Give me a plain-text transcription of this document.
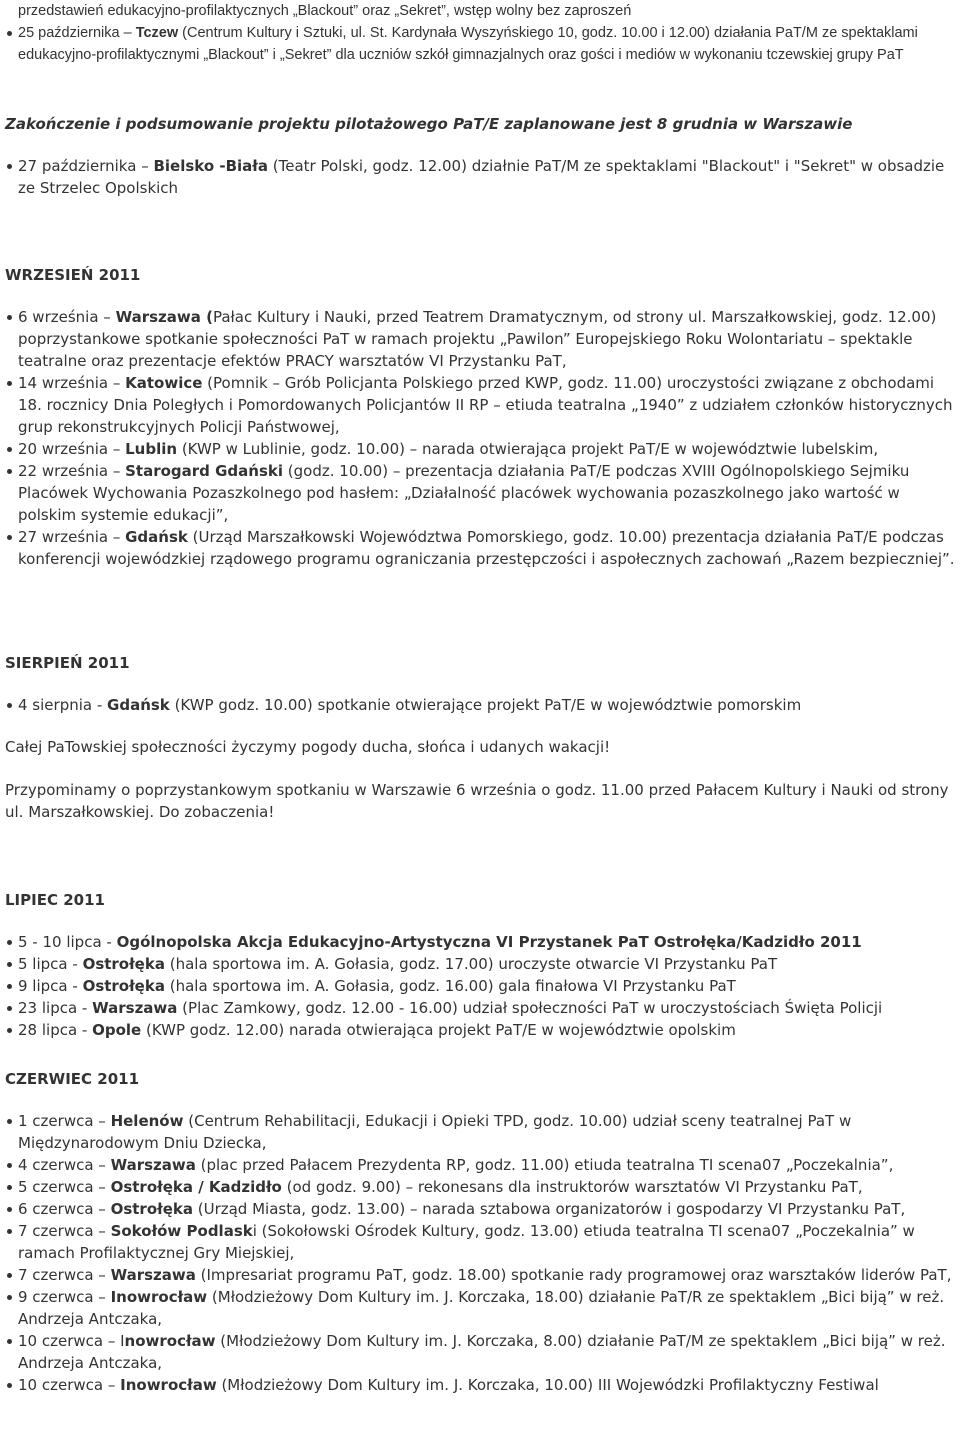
przedstawień edukacyjno-profilaktycznych „Blackout” oraz „Sekret”, wstęp wolny bez zaproszeń

25 października – Tczew (Centrum Kultury i Sztuki, ul. St. Kardynała Wyszyńskiego 10, godz. 10.00 i 12.00) działania PaT/M ze spektaklami edukacyjno-profilaktycznymi „Blackout” i „Sekret” dla uczniów szkół gimnazjalnych oraz gości i mediów w wykonaniu tczewskiej grupy PaT
Zakończenie i podsumowanie projektu pilotażowego PaT/E zaplanowane jest 8 grudnia w Warszawie
27 października – Bielsko -Biała (Teatr Polski, godz. 12.00) działnie PaT/M ze spektaklami "Blackout" i "Sekret" w obsadzie ze Strzelec Opolskich
WRZESIEŃ 2011
6 września – Warszawa (Pałac Kultury i Nauki, przed Teatrem Dramatycznym, od strony ul. Marszałkowskiej, godz. 12.00) poprzystankowe spotkanie społeczności PaT w ramach projektu „Pawilon” Europejskiego Roku Wolontariatu – spektakle teatralne oraz prezentacje efektów PRACY warsztatów VI Przystanku PaT,
14 września – Katowice (Pomnik – Grób Policjanta Polskiego przed KWP, godz. 11.00) uroczystości związane z obchodami 18. rocznicy Dnia Poległych i Pomordowanych Policjantów II RP – etiuda teatralna „1940” z udziałem członków historycznych grup rekonstrukcyjnych Policji Państwowej,
20 września – Lublin (KWP w Lublinie, godz. 10.00) – narada otwierająca projekt PaT/E w województwie lubelskim,
22 września – Starogard Gdański (godz. 10.00) – prezentacja działania PaT/E podczas XVIII Ogólnopolskiego Sejmiku Placówek Wychowania Pozaszkolnego pod hasłem: „Działalność placówek wychowania pozaszkolnego jako wartość w polskim systemie edukacji”,
27 września – Gdańsk (Urząd Marszałkowski Województwa Pomorskiego, godz. 10.00) prezentacja działania PaT/E podczas konferencji wojewódzkiej rządowego programu ograniczania przestępczości i aspołecznych zachowań „Razem bezpieczniej”.
SIERPIEŃ 2011
4 sierpnia - Gdańsk (KWP godz. 10.00) spotkanie otwierające projekt PaT/E w województwie pomorskim

Całej PaTowskiej społeczności życzymy pogody ducha, słońca i udanych wakacji!

Przypominamy o poprzystankowym spotkaniu w Warszawie 6 września o godz. 11.00 przed Pałacem Kultury i Nauki od strony ul. Marszałkowskiej. Do zobaczenia!

LIPIEC 2011
5 - 10 lipca - Ogólnopolska Akcja Edukacyjno-Artystyczna VI Przystanek PaT Ostrołęka/Kadzidło 2011
5 lipca - Ostrołęka (hala sportowa im. A. Gołasia, godz. 17.00) uroczyste otwarcie VI Przystanku PaT
9 lipca - Ostrołęka (hala sportowa im. A. Gołasia, godz. 16.00) gala finałowa VI Przystanku PaT
23 lipca - Warszawa (Plac Zamkowy, godz. 12.00 - 16.00) udział społeczności PaT w uroczystościach Święta Policji
28 lipca - Opole (KWP godz. 12.00) narada otwierająca projekt PaT/E w województwie opolskim
CZERWIEC 2011
1 czerwca – Helenów (Centrum Rehabilitacji, Edukacji i Opieki TPD, godz. 10.00) udział sceny teatralnej PaT w Międzynarodowym Dniu Dziecka,
4 czerwca – Warszawa (plac przed Pałacem Prezydenta RP, godz. 11.00) etiuda teatralna TI scena07 „Poczekalnia”,
5 czerwca – Ostrołęka / Kadzidło (od godz. 9.00) – rekonesans dla instruktorów warsztatów VI Przystanku PaT,
6 czerwca – Ostrołęka (Urząd Miasta, godz. 13.00) – narada sztabowa organizatorów i gospodarzy VI Przystanku PaT,
7 czerwca – Sokołów Podlaski (Sokołowski Ośrodek Kultury, godz. 13.00) etiuda teatralna TI scena07 „Poczekalnia” w ramach Profilaktycznej Gry Miejskiej,
7 czerwca – Warszawa (Impresariat programu PaT, godz. 18.00) spotkanie rady programowej oraz warsztaków liderów PaT,
9 czerwca – Inowrocław (Młodzieżowy Dom Kultury im. J. Korczaka, 18.00) działanie PaT/R ze spektaklem „Bici biją” w reż. Andrzeja Antczaka,
10 czerwca – Inowrocław (Młodzieżowy Dom Kultury im. J. Korczaka, 8.00) działanie PaT/M ze spektaklem „Bici biją” w reż. Andrzeja Antczaka,
10 czerwca – Inowrocław (Młodzieżowy Dom Kultury im. J. Korczaka, 10.00) III Wojewódzki Profilaktyczny Festiwal
